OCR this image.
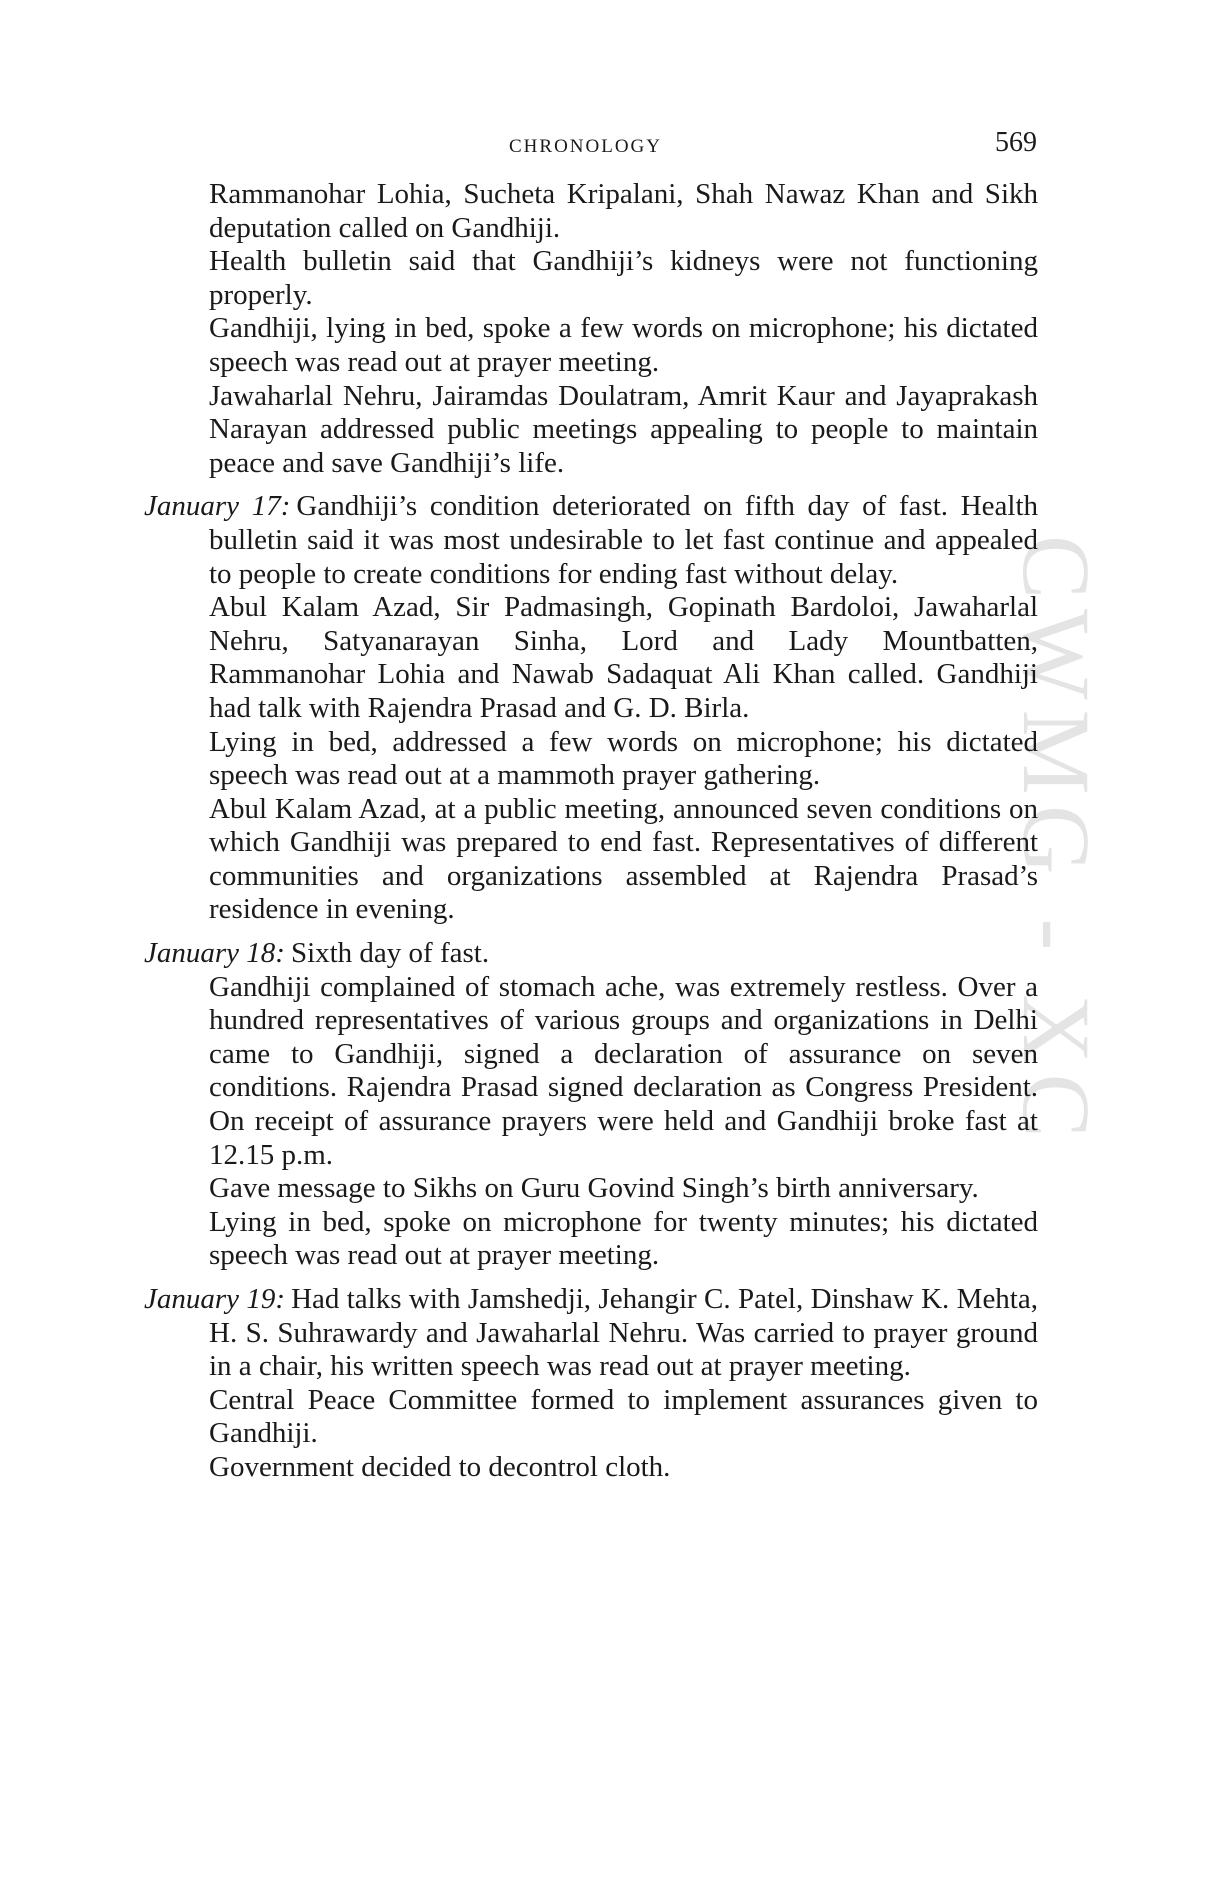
CHRONOLOGY	569
CWMG - XC

Rammanohar Lohia, Sucheta Kripalani, Shah Nawaz Khan and Sikh deputation called on Gandhiji.

Health bulletin said that Gandhiji’s kidneys were not functioning properly.

Gandhiji, lying in bed, spoke a few words on microphone; his dictated speech was read out at prayer meeting.

Jawaharlal Nehru, Jairamdas Doulatram, Amrit Kaur and Jayaprakash Narayan addressed public meetings appealing to people to maintain peace and save Gandhiji’s life.

January 17: Gandhiji’s condition deteriorated on fifth day of fast. Health bulletin said it was most undesirable to let fast continue and appealed to people to create conditions for ending fast without delay.

Abul Kalam Azad, Sir Padmasingh, Gopinath Bardoloi, Jawaharlal Nehru, Satyanarayan Sinha, Lord and Lady Mountbatten, Rammanohar Lohia and Nawab Sadaquat Ali Khan called. Gandhiji had talk with Rajendra Prasad and G. D. Birla.

Lying in bed, addressed a few words on microphone; his dictated speech was read out at a mammoth prayer gathering.

Abul Kalam Azad, at a public meeting, announced seven conditions on which Gandhiji was prepared to end fast. Representatives of different communities and organizations assembled at Rajendra Prasad’s residence in evening.

January 18: Sixth day of fast.

Gandhiji complained of stomach ache, was extremely restless. Over a hundred representatives of various groups and organizations in Delhi came to Gandhiji, signed a declaration of assurance on seven conditions. Rajendra Prasad signed declaration as Congress President. On receipt of assurance prayers were held and Gandhiji broke fast at 12.15 p.m.

Gave message to Sikhs on Guru Govind Singh’s birth anniversary.

Lying in bed, spoke on microphone for twenty minutes; his dictated speech was read out at prayer meeting.

January 19: Had talks with Jamshedji, Jehangir C. Patel, Dinshaw K. Mehta, H. S. Suhrawardy and Jawaharlal Nehru. Was carried to prayer ground in a chair, his written speech was read out at prayer meeting.

Central Peace Committee formed to implement assurances given to Gandhiji.

Government decided to decontrol cloth.
